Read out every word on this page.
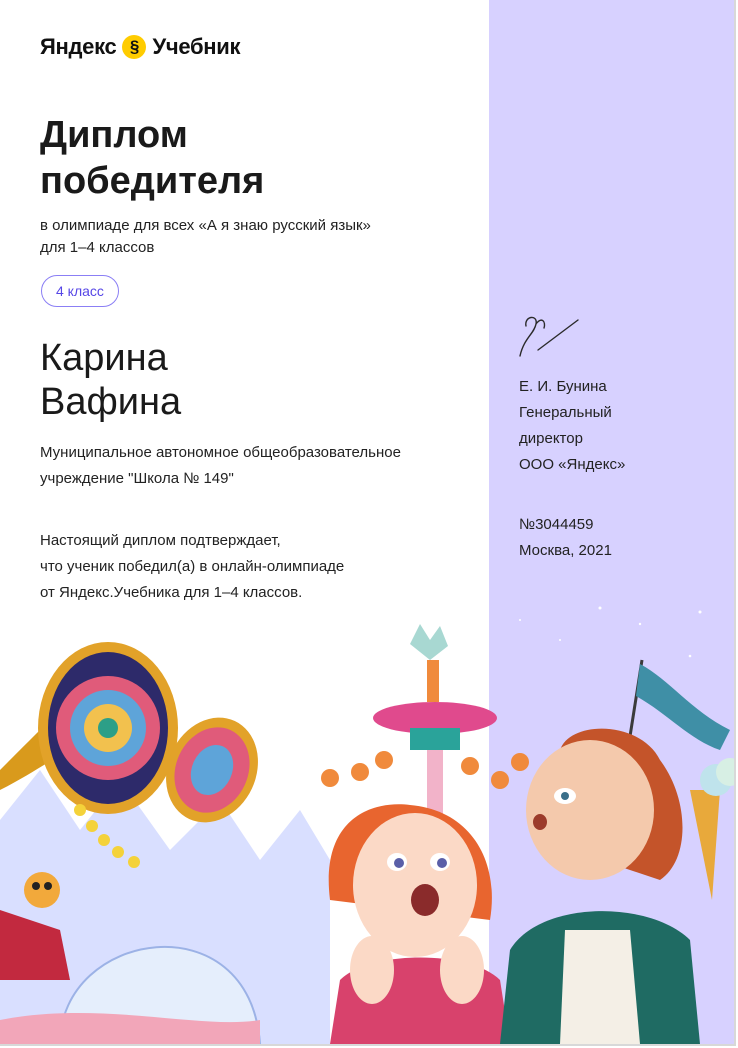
Яндекс § Учебник
Диплом
победителя
в олимпиаде для всех «А я знаю русский язык»
для 1–4 классов
4 класс
Карина
Вафина
Муниципальное автономное общеобразовательное
учреждение "Школа № 149"
Настоящий диплом подтверждает,
что ученик победил(а) в онлайн-олимпиаде
от Яндекс.Учебника для 1–4 классов.
Е. И. Бунина
Генеральный
директор
ООО «Яндекс»
№3044459
Москва, 2021
